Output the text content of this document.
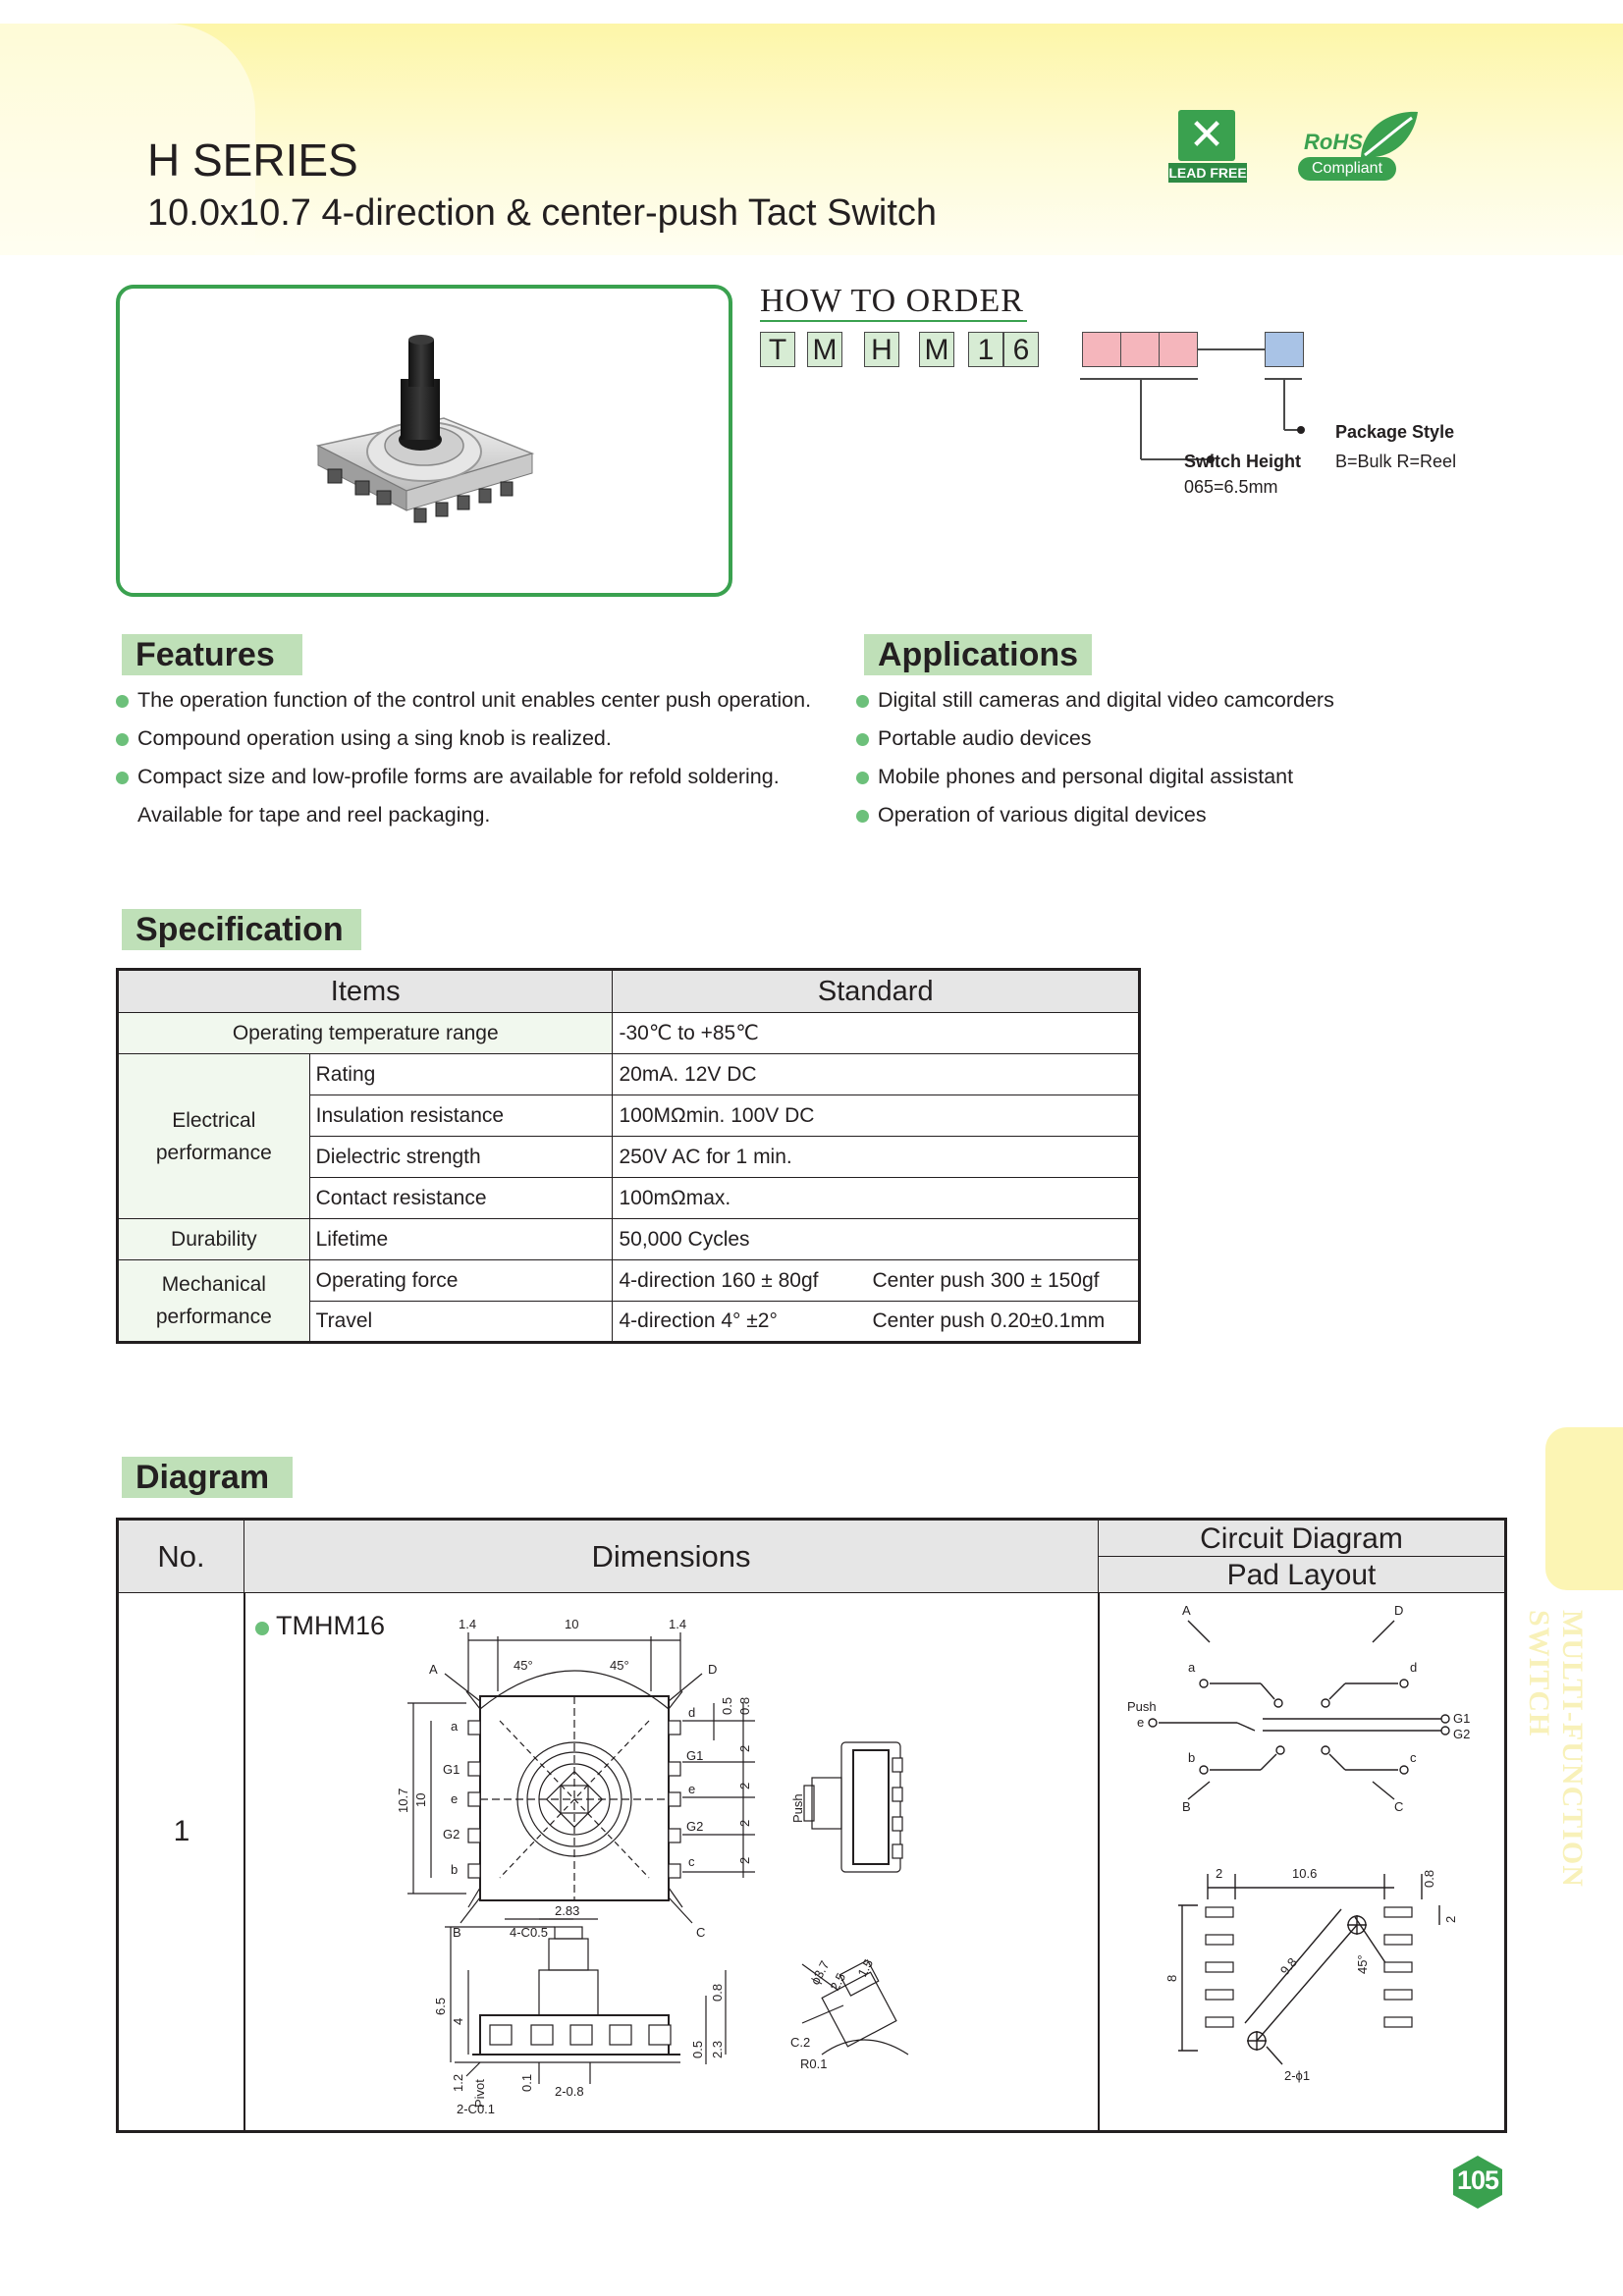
H SERIES
10.0x10.7 4-direction & center-push Tact Switch
✕
LEAD FREE
RoHS
Compliant
HOW TO ORDER
T M H M 1 6
Switch Height
065=6.5mm
Package Style
B=Bulk R=Reel
Features
The operation function of the control unit enables center push operation.
Compound operation using a sing knob is realized.
Compact size and low-profile forms are available for refold soldering.
Available for tape and reel packaging.
Applications
Digital still cameras and digital video camcorders
Portable audio devices
Mobile phones and personal digital assistant
Operation of various digital devices
Specification
Items		Standard
Operating temperature range		-30℃ to +85℃

Electrical
performance	Rating	20mA. 12V DC
	Insulation resistance	100MΩmin. 100V DC
	Dielectric strength	250V AC for 1 min.
	Contact resistance	100mΩmax.
Durability	Lifetime	50,000 Cycles

Mechanical
performance	Operating force	4-direction 160 ± 80gf Center push 300 ± 150gf
	Travel	4-direction 4° ±2° Center push 0.20±0.1mm
Diagram
No.	Dimensions
Circuit Diagram
Pad Layout
1
TMHM16	1.4	10	1.4
A	D
45°	45°
a
G1
e
G2
b
d
G1
e
G2
c
B	C
4-C0.5
2.83
2-0.8
2-C0.1
C.2
R0.1
10.7 10
0.5 0.8
2
2
2
2
Push
6.5
4
1.2 Pivot	0.1
0.8
0.5 2.3
ϕ3.7
2.5
1.5
A	D
a	d
Push
e	G1
G2
b	c
B	C
2	10.6
2-ϕ1
0.8
2
9.8	45°
8
MULTI-FUNCTION SWITCH
105
